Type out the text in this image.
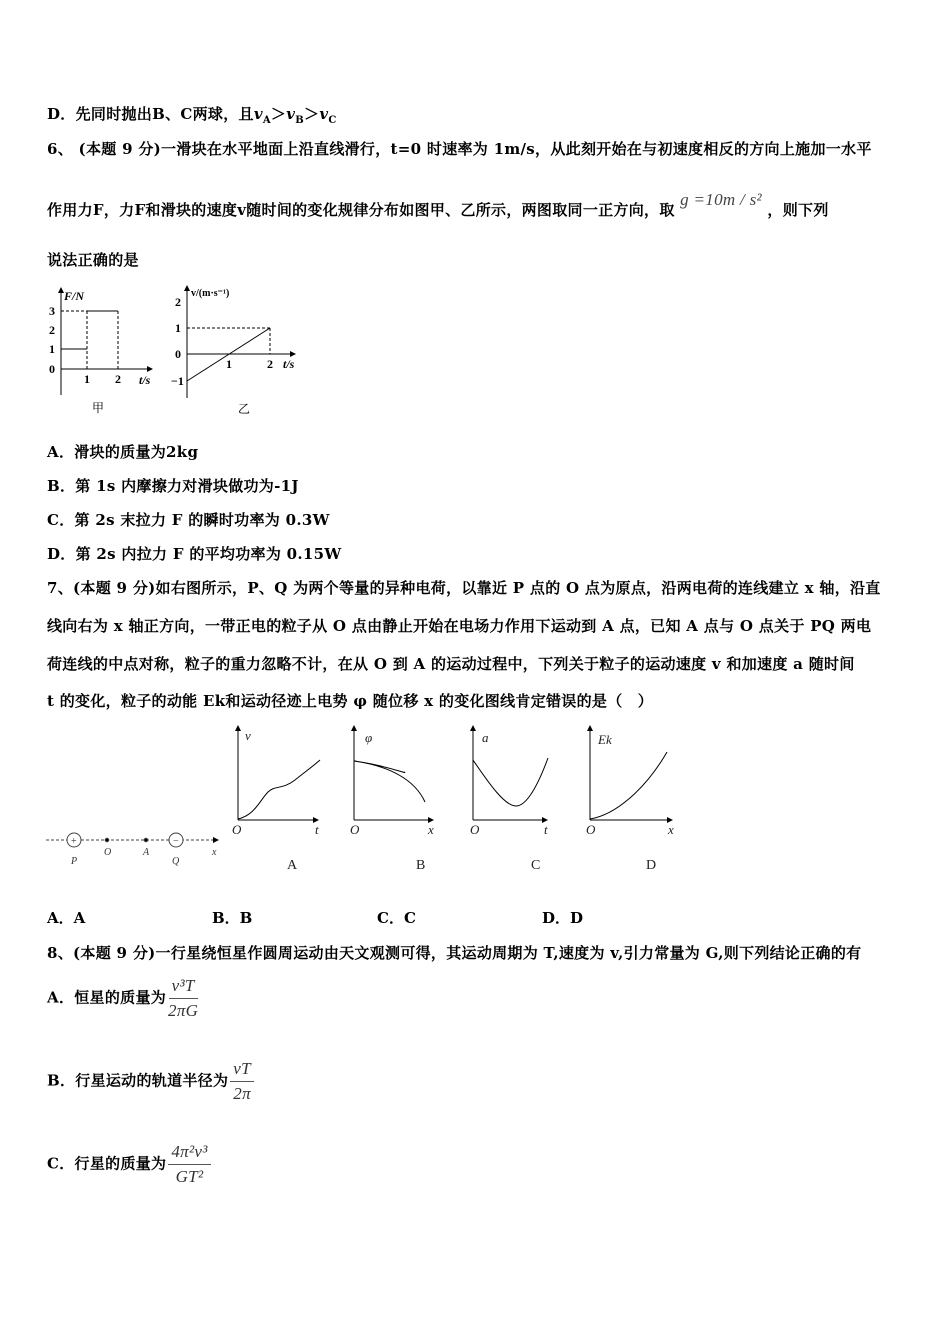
D．先同时抛出B、C两球，且$v_A>v_B>v_C$
6、 (本题 9 分)一滑块在水平地面上沿直线滑行，t=0 时速率为 1m/s，从此刻开始在与初速度相反的方向上施加一水平
作用力F，力F和滑块的速度v随时间的变化规律分布如图甲、乙所示，两图取同一正方向，取 g =10m / s² ，则下列
说法正确的是
F/N
0
1
2
3
1 2 t/s
甲
v/(m·s⁻¹)
2
1
0
−1
1	2 t/s
乙
A．滑块的质量为2kg
B．第 1s 内摩擦力对滑块做功为-1J
C．第 2s 末拉力 F 的瞬时功率为 0.3W
D．第 2s 内拉力 F 的平均功率为 0.15W
7、(本题 9 分)如右图所示，P、Q 为两个等量的异种电荷，以靠近 P 点的 O 点为原点，沿两电荷的连线建立 x 轴，沿直
线向右为 x 轴正方向，一带正电的粒子从 O 点由静止开始在电场力作用下运动到 A 点，已知 A 点与 O 点关于 PQ 两电
荷连线的中点对称，粒子的重力忽略不计，在从 O 到 A 的运动过程中，下列关于粒子的运动速度 v 和加速度 a 随时间
t 的变化，粒子的动能 Ek和运动径迹上电势 φ 随位移 x 的变化图线肯定错误的是（　）
+	−
P
O	A
Q
x
v
O	t
φ
O	x
a
O	t
Ek
O	x
A	B	C	D
A．A	B．B	C．C	D．D
8、(本题 9 分)一行星绕恒星作圆周运动由天文观测可得，其运动周期为 T,速度为 v,引力常量为 G,则下列结论正确的有
A．恒星的质量为 $\frac{\text{v³T}}{2\pi G}$
B．行星运动的轨道半径为 $\frac{vT}{2\pi}$
C．行星的质量为 $\frac{\text{4π²v³}}{\text{GT²}}$
